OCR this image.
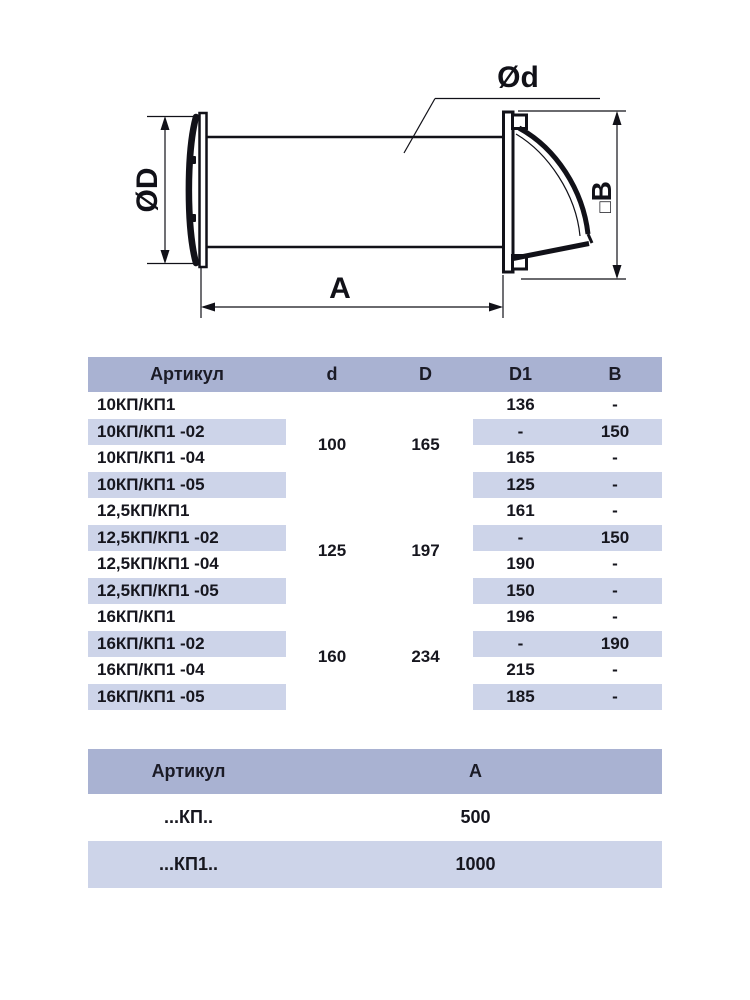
ØD
Ød
□B
А
Артикул	d	D	D1	B
10КП/КП1	100	165	136	-
10КП/КП1 -02			-	150
10КП/КП1 -04			165	-
10КП/КП1 -05			125	-
12,5КП/КП1	125	197	161	-
12,5КП/КП1 -02			-	150
12,5КП/КП1 -04			190	-
12,5КП/КП1 -05			150	-
16КП/КП1	160	234	196	-
16КП/КП1 -02			-	190
16КП/КП1 -04			215	-
16КП/КП1 -05			185	-
Артикул	А
...КП..	500
...КП1..	1000
